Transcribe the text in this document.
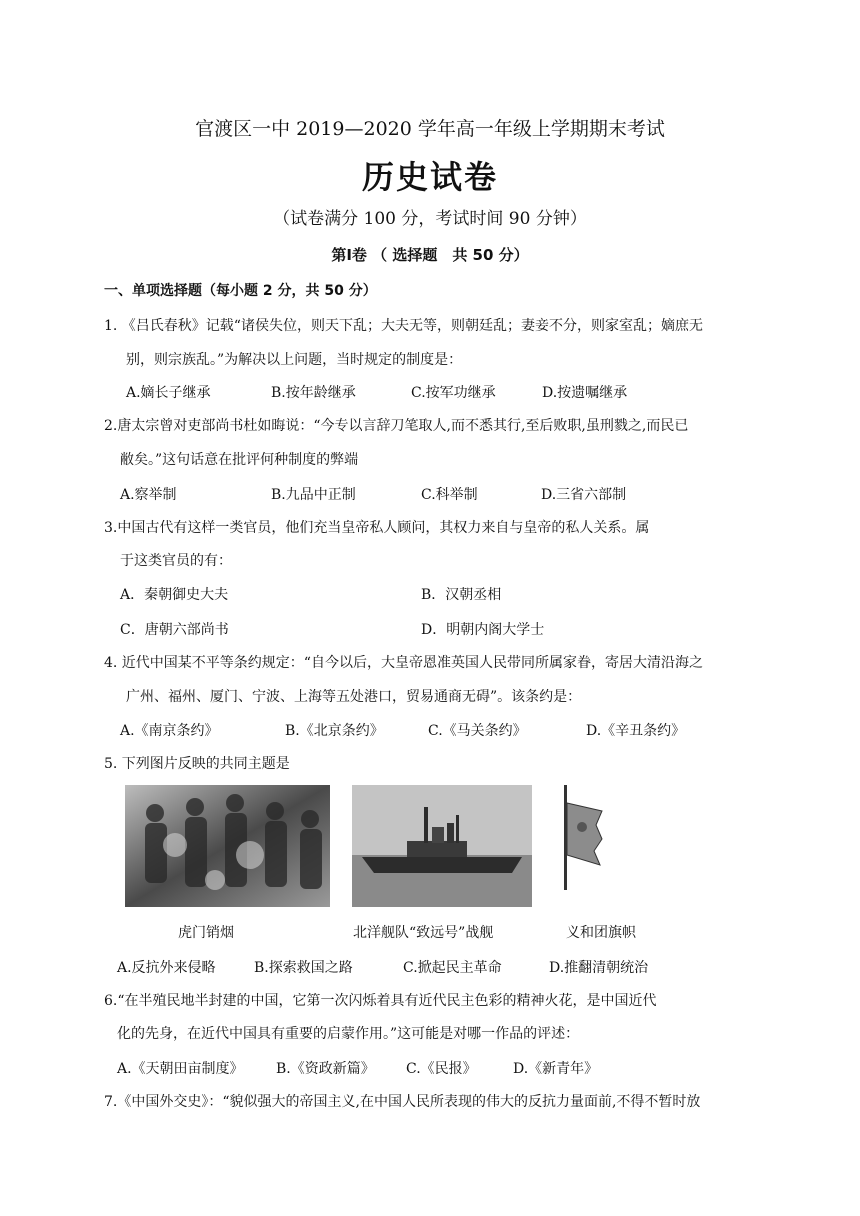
官渡区一中 2019—2020 学年高一年级上学期期末考试
历史试卷
（试卷满分 100 分，考试时间 90 分钟）
第Ⅰ卷 （ 选择题　共 50 分）
一、单项选择题（每小题 2 分，共 50 分）
1. 《吕氏春秋》记载“诸侯失位，则天下乱；大夫无等，则朝廷乱；妻妾不分，则家室乱；嫡庶无
别，则宗族乱。”为解决以上问题，当时规定的制度是：
A.嫡长子继承	B.按年龄继承	C.按军功继承	D.按遗嘱继承
2.唐太宗曾对吏部尚书杜如晦说：“今专以言辞刀笔取人,而不悉其行,至后败职,虽刑戮之,而民已
敝矣。”这句话意在批评何种制度的弊端
A.察举制	B.九品中正制	C.科举制	D.三省六部制
3.中国古代有这样一类官员，他们充当皇帝私人顾问，其权力来自与皇帝的私人关系。属
于这类官员的有：
A．秦朝御史大夫	B．汉朝丞相
C．唐朝六部尚书	D．明朝内阁大学士
4. 近代中国某不平等条约规定：“自今以后，大皇帝恩准英国人民带同所属家眷，寄居大清沿海之
广州、福州、厦门、宁波、上海等五处港口，贸易通商无碍”。该条约是：
A.《南京条约》	B.《北京条约》	C.《马关条约》	D.《辛丑条约》
5. 下列图片反映的共同主题是
虎门销烟	北洋舰队“致远号”战舰	义和团旗帜
A.反抗外来侵略	B.探索救国之路	C.掀起民主革命	D.推翻清朝统治
6.“在半殖民地半封建的中国，它第一次闪烁着具有近代民主色彩的精神火花，是中国近代
化的先身，在近代中国具有重要的启蒙作用。”这可能是对哪一作品的评述：
A.《天朝田亩制度》 B.《资政新篇》 C.《民报》	D.《新青年》
7.《中国外交史》：“貌似强大的帝国主义,在中国人民所表现的伟大的反抗力量面前,不得不暂时放
